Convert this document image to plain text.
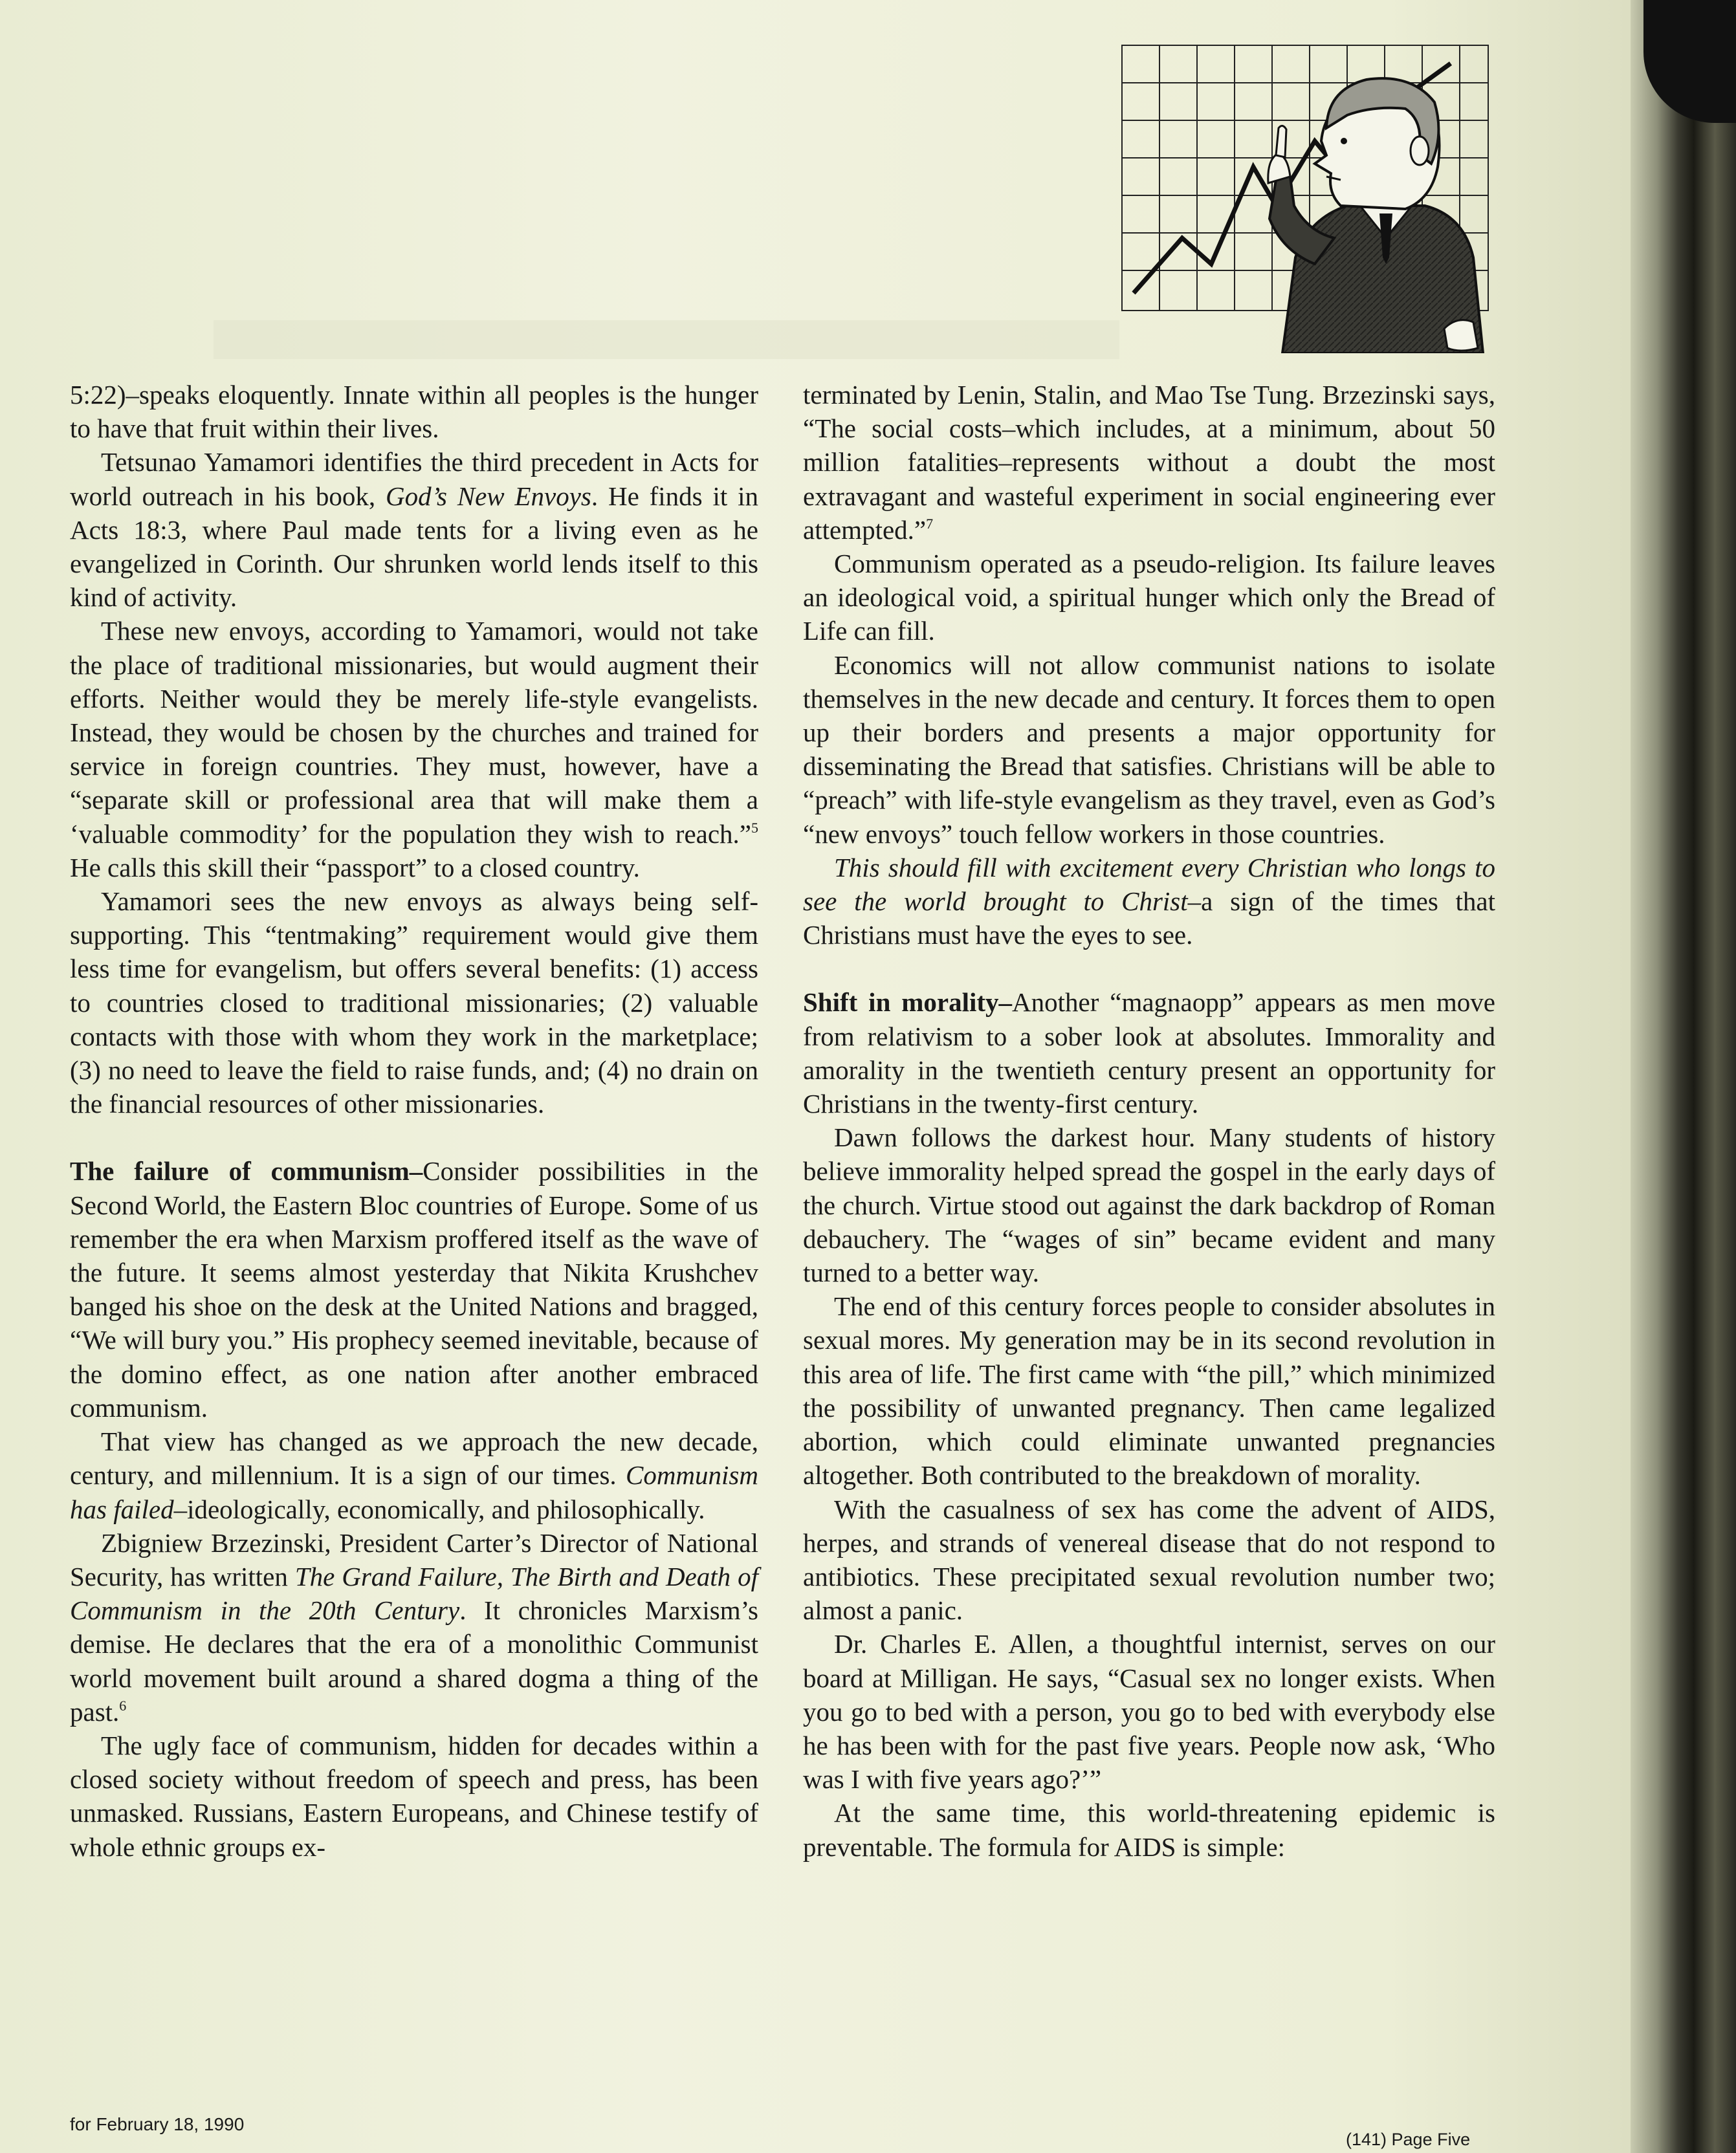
5:22)–speaks eloquently. Innate within all peoples is the hunger to have that fruit within their lives.

Tetsunao Yamamori identifies the third precedent in Acts for world outreach in his book, God’s New Envoys. He finds it in Acts 18:3, where Paul made tents for a living even as he evangelized in Corinth. Our shrunken world lends itself to this kind of activity.

These new envoys, according to Yamamori, would not take the place of traditional missionaries, but would augment their efforts. Neither would they be merely life-style evangelists. Instead, they would be chosen by the churches and trained for service in foreign countries. They must, however, have a “separate skill or professional area that will make them a ‘valuable commodity’ for the population they wish to reach.”$^5$ He calls this skill their “passport” to a closed country.

Yamamori sees the new envoys as always being self-supporting. This “tentmaking” requirement would give them less time for evangelism, but offers several benefits: (1) access to countries closed to traditional missionaries; (2) valuable contacts with those with whom they work in the marketplace; (3) no need to leave the field to raise funds, and; (4) no drain on the financial resources of other missionaries.

The failure of communism–Consider possibilities in the Second World, the Eastern Bloc countries of Europe. Some of us remember the era when Marxism proffered itself as the wave of the future. It seems almost yesterday that Nikita Krushchev banged his shoe on the desk at the United Nations and bragged, “We will bury you.” His prophecy seemed inevitable, because of the domino effect, as one nation after another embraced communism.

That view has changed as we approach the new decade, century, and millennium. It is a sign of our times. Communism has failed–ideologically, economically, and philosophically.

Zbigniew Brzezinski, President Carter’s Director of National Security, has written The Grand Failure, The Birth and Death of Communism in the 20th Century. It chronicles Marxism’s demise. He declares that the era of a monolithic Communist world movement built around a shared dogma a thing of the past.$^6$

The ugly face of communism, hidden for decades within a closed society without freedom of speech and press, has been unmasked. Russians, Eastern Europeans, and Chinese testify of whole ethnic groups ex-

terminated by Lenin, Stalin, and Mao Tse Tung. Brzezinski says, “The social costs–which includes, at a minimum, about 50 million fatalities–represents without a doubt the most extravagant and wasteful experiment in social engineering ever attempted.”$^7$

Communism operated as a pseudo-religion. Its failure leaves an ideological void, a spiritual hunger which only the Bread of Life can fill.

Economics will not allow communist nations to isolate themselves in the new decade and century. It forces them to open up their borders and presents a major opportunity for disseminating the Bread that satisfies. Christians will be able to “preach” with life-style evangelism as they travel, even as God’s “new envoys” touch fellow workers in those countries.

This should fill with excitement every Christian who longs to see the world brought to Christ–a sign of the times that Christians must have the eyes to see.

Shift in morality–Another “magnaopp” appears as men move from relativism to a sober look at absolutes. Immorality and amorality in the twentieth century present an opportunity for Christians in the twenty-first century.

Dawn follows the darkest hour. Many students of history believe immorality helped spread the gospel in the early days of the church. Virtue stood out against the dark backdrop of Roman debauchery. The “wages of sin” became evident and many turned to a better way.

The end of this century forces people to consider absolutes in sexual mores. My generation may be in its second revolution in this area of life. The first came with “the pill,” which minimized the possibility of unwanted pregnancy. Then came legalized abortion, which could eliminate unwanted pregnancies altogether. Both contributed to the breakdown of morality.

With the casualness of sex has come the advent of AIDS, herpes, and strands of venereal disease that do not respond to antibiotics. These precipitated sexual revolution number two; almost a panic.

Dr. Charles E. Allen, a thoughtful internist, serves on our board at Milligan. He says, “Casual sex no longer exists. When you go to bed with a person, you go to bed with everybody else he has been with for the past five years. People now ask, ‘Who was I with five years ago?’”

At the same time, this world-threatening epidemic is preventable. The formula for AIDS is simple:

for February 18, 1990
(141) Page Five
